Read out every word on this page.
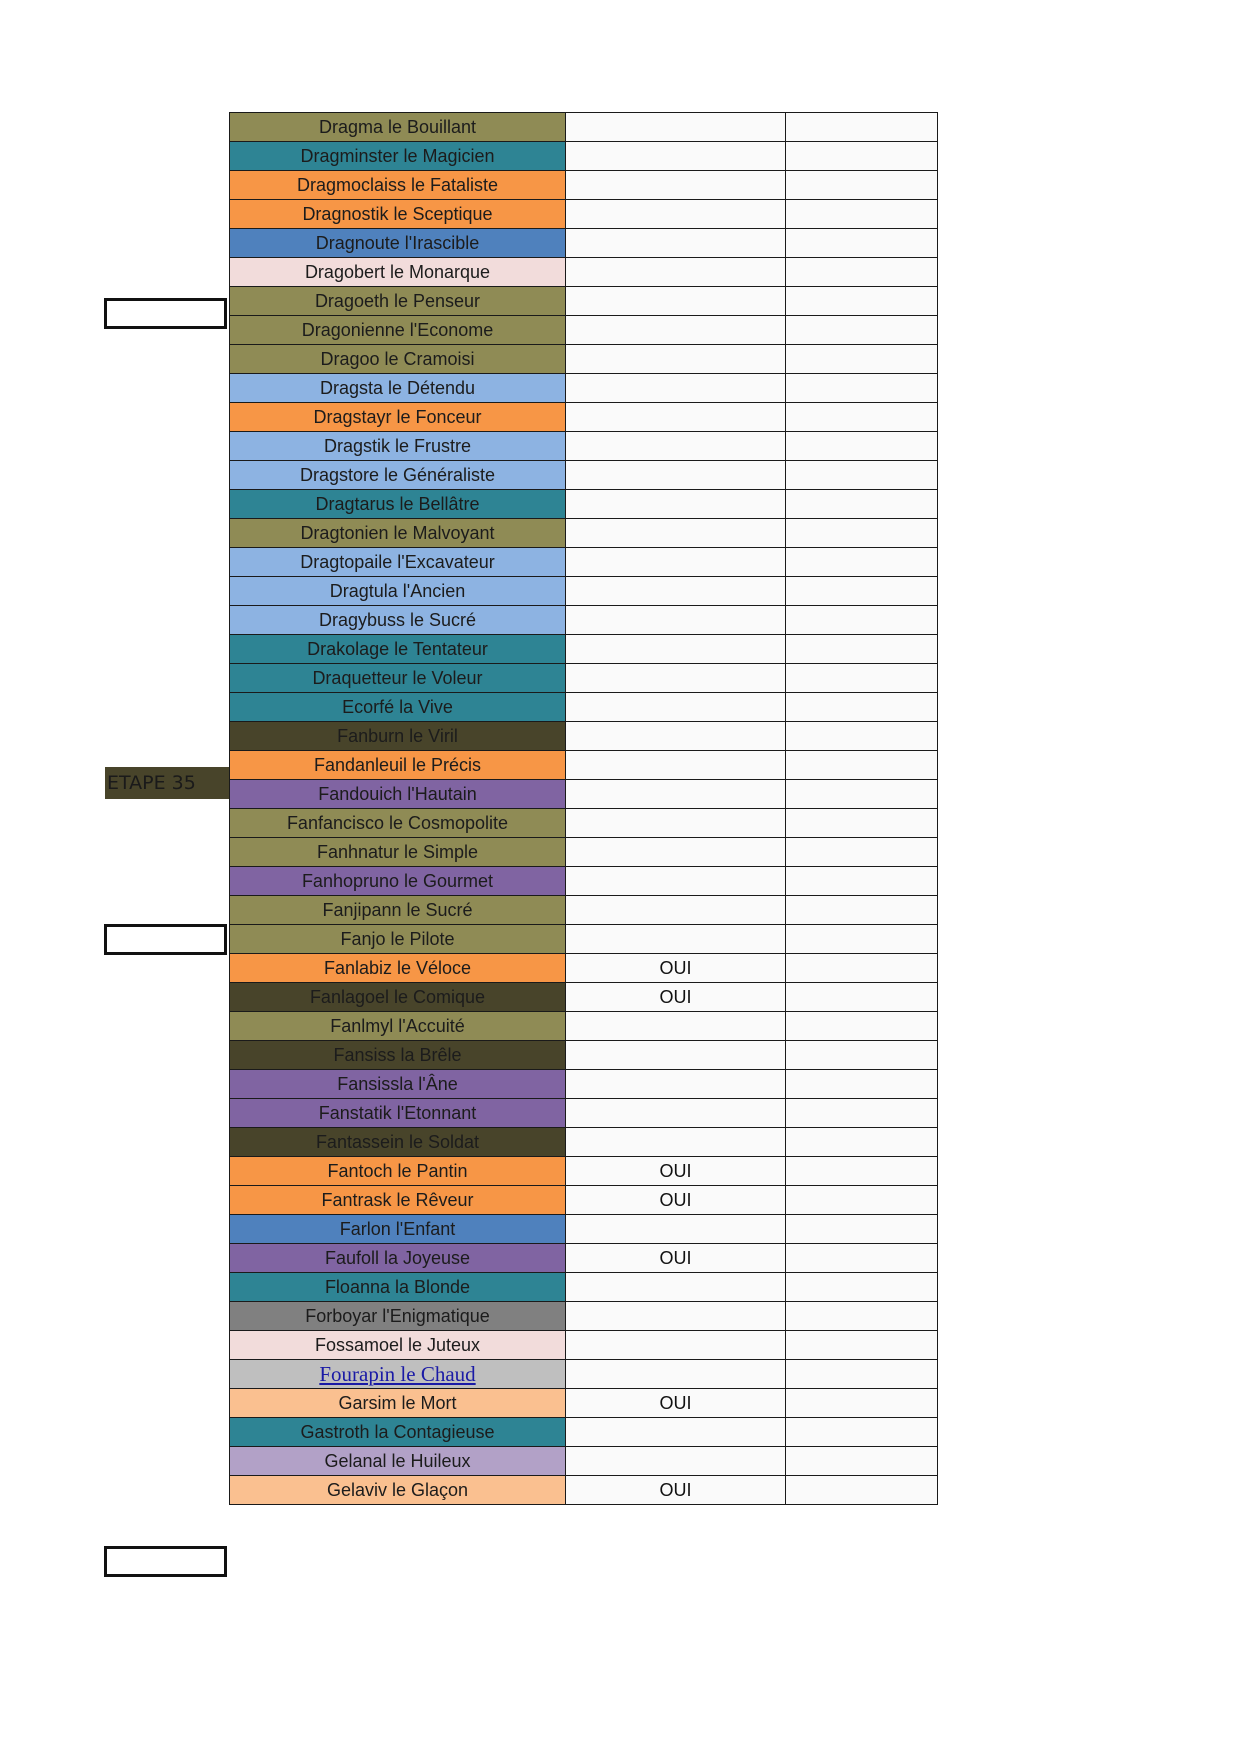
Dragma le Bouillant		
Dragminster le Magicien		
Dragmoclaiss le Fataliste		
Dragnostik le Sceptique		
Dragnoute l'Irascible		
Dragobert le Monarque		
Dragoeth le Penseur		
Dragonienne l'Econome		
Dragoo le Cramoisi		
Dragsta le Détendu		
Dragstayr le Fonceur		
Dragstik le Frustre		
Dragstore le Généraliste		
Dragtarus le Bellâtre		
Dragtonien le Malvoyant		
Dragtopaile l'Excavateur		
Dragtula l'Ancien		
Dragybuss le Sucré		
Drakolage le Tentateur		
Draquetteur le Voleur		
Ecorfé la Vive		
Fanburn le Viril		
Fandanleuil le Précis		
Fandouich l'Hautain		
Fanfancisco le Cosmopolite		
Fanhnatur le Simple		
Fanhopruno le Gourmet		
Fanjipann le Sucré		
Fanjo le Pilote		
Fanlabiz le Véloce	OUI	
Fanlagoel le Comique	OUI	
Fanlmyl l'Accuité		
Fansiss la Brêle		
Fansissla l'Âne		
Fanstatik l'Etonnant		
Fantassein le Soldat		
Fantoch le Pantin	OUI	
Fantrask le Rêveur	OUI	
Farlon l'Enfant		
Faufoll la Joyeuse	OUI	
Floanna la Blonde		
Forboyar l'Enigmatique		
Fossamoel le Juteux		
Fourapin le Chaud		
Garsim le Mort	OUI	
Gastroth la Contagieuse		
Gelanal le Huileux		
Gelaviv le Glaçon	OUI	
ETAPE 35
